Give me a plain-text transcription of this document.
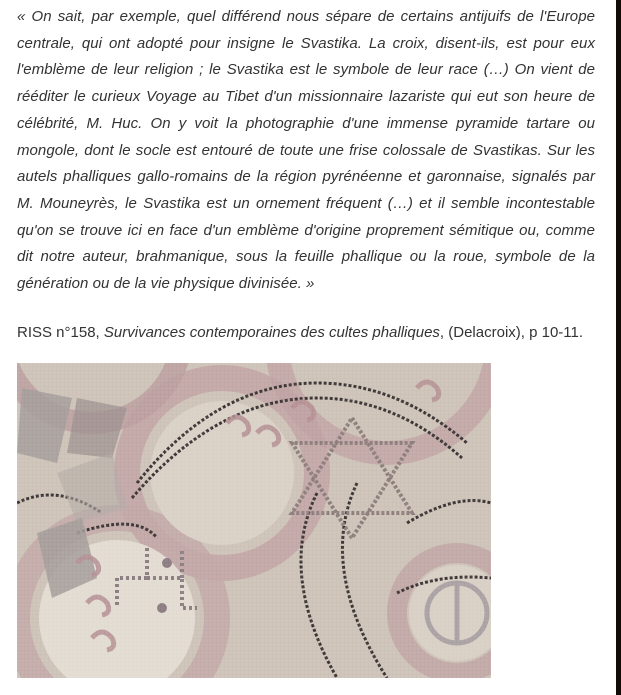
« On sait, par exemple, quel différend nous sépare de certains antijuifs de l'Europe centrale, qui ont adopté pour insigne le Svastika. La croix, disent-ils, est pour eux l'emblème de leur religion ; le Svastika est le symbole de leur race (…) On vient de rééditer le curieux Voyage au Tibet d'un missionnaire lazariste qui eut son heure de célébrité, M. Huc. On y voit la photographie d'une immense pyramide tartare ou mongole, dont le socle est entouré de toute une frise colossale de Svastikas. Sur les autels phalliques gallo-romains de la région pyrénéenne et garonnaise, signalés par M. Mouneyrès, le Svastika est un ornement fréquent (…) et il semble incontestable qu'on se trouve ici en face d'un emblème d'origine proprement sémitique ou, comme dit notre auteur, brahmanique, sous la feuille phallique ou la roue, symbole de la génération ou de la vie physique divinisée. »

RISS n°158, Survivances contemporaines des cultes phalliques, (Delacroix), p 10-11.
